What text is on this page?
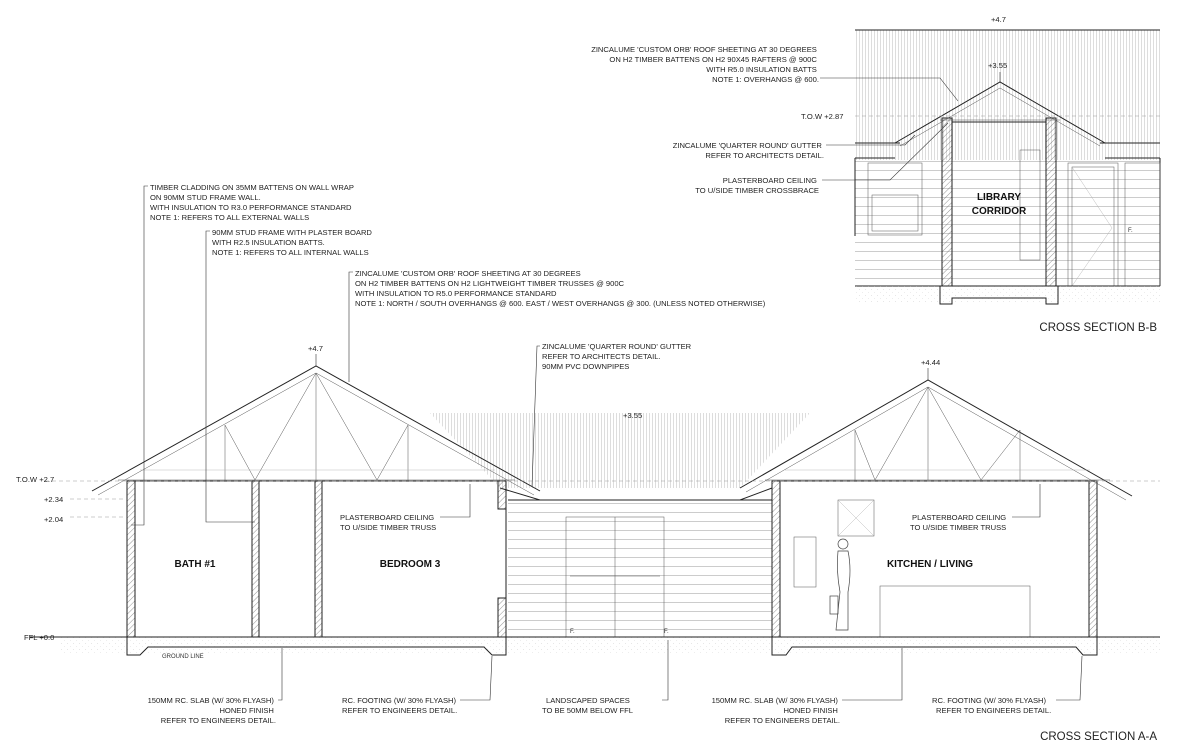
LIBRARY
CORRIDOR
F.
+4.7
+3.55
T.O.W +2.87
ZINCALUME 'CUSTOM ORB' ROOF SHEETING AT 30 DEGREES ON H2 TIMBER BATTENS ON H2 90X45 RAFTERS @ 900C WITH R5.0 INSULATION BATTS NOTE 1: OVERHANGS @ 600.
ZINCALUME 'QUARTER ROUND' GUTTER REFER TO ARCHITECTS DETAIL.
PLASTERBOARD CEILING TO U/SIDE TIMBER CROSSBRACE
CROSS SECTION B-B
F.	F.
BATH #1	BEDROOM 3	KITCHEN / LIVING
+4.7
+4.44
+3.55
T.O.W +2.7
+2.34
+2.04
FFL +0.0
GROUND LINE
TIMBER CLADDING ON 35MM BATTENS ON WALL WRAP ON 90MM STUD FRAME WALL. WITH INSULATION TO R3.0 PERFORMANCE STANDARD NOTE 1: REFERS TO ALL EXTERNAL WALLS
90MM STUD FRAME WITH PLASTER BOARD WITH R2.5 INSULATION BATTS. NOTE 1: REFERS TO ALL INTERNAL WALLS
ZINCALUME 'CUSTOM ORB' ROOF SHEETING AT 30 DEGREES ON H2 TIMBER BATTENS ON H2 LIGHTWEIGHT TIMBER TRUSSES @ 900C WITH INSULATION TO R5.0 PERFORMANCE STANDARD NOTE 1: NORTH / SOUTH OVERHANGS @ 600. EAST / WEST OVERHANGS @ 300. (UNLESS NOTED OTHERWISE)
ZINCALUME 'QUARTER ROUND' GUTTER REFER TO ARCHITECTS DETAIL. 90MM PVC DOWNPIPES
PLASTERBOARD CEILING TO U/SIDE TIMBER TRUSS
PLASTERBOARD CEILING TO U/SIDE TIMBER TRUSS
150MM RC. SLAB (W/ 30% FLYASH) HONED FINISH REFER TO ENGINEERS DETAIL.
RC. FOOTING (W/ 30% FLYASH) REFER TO ENGINEERS DETAIL.
LANDSCAPED SPACES TO BE 50MM BELOW FFL
150MM RC. SLAB (W/ 30% FLYASH) HONED FINISH REFER TO ENGINEERS DETAIL.
RC. FOOTING (W/ 30% FLYASH) REFER TO ENGINEERS DETAIL.
CROSS SECTION A-A
